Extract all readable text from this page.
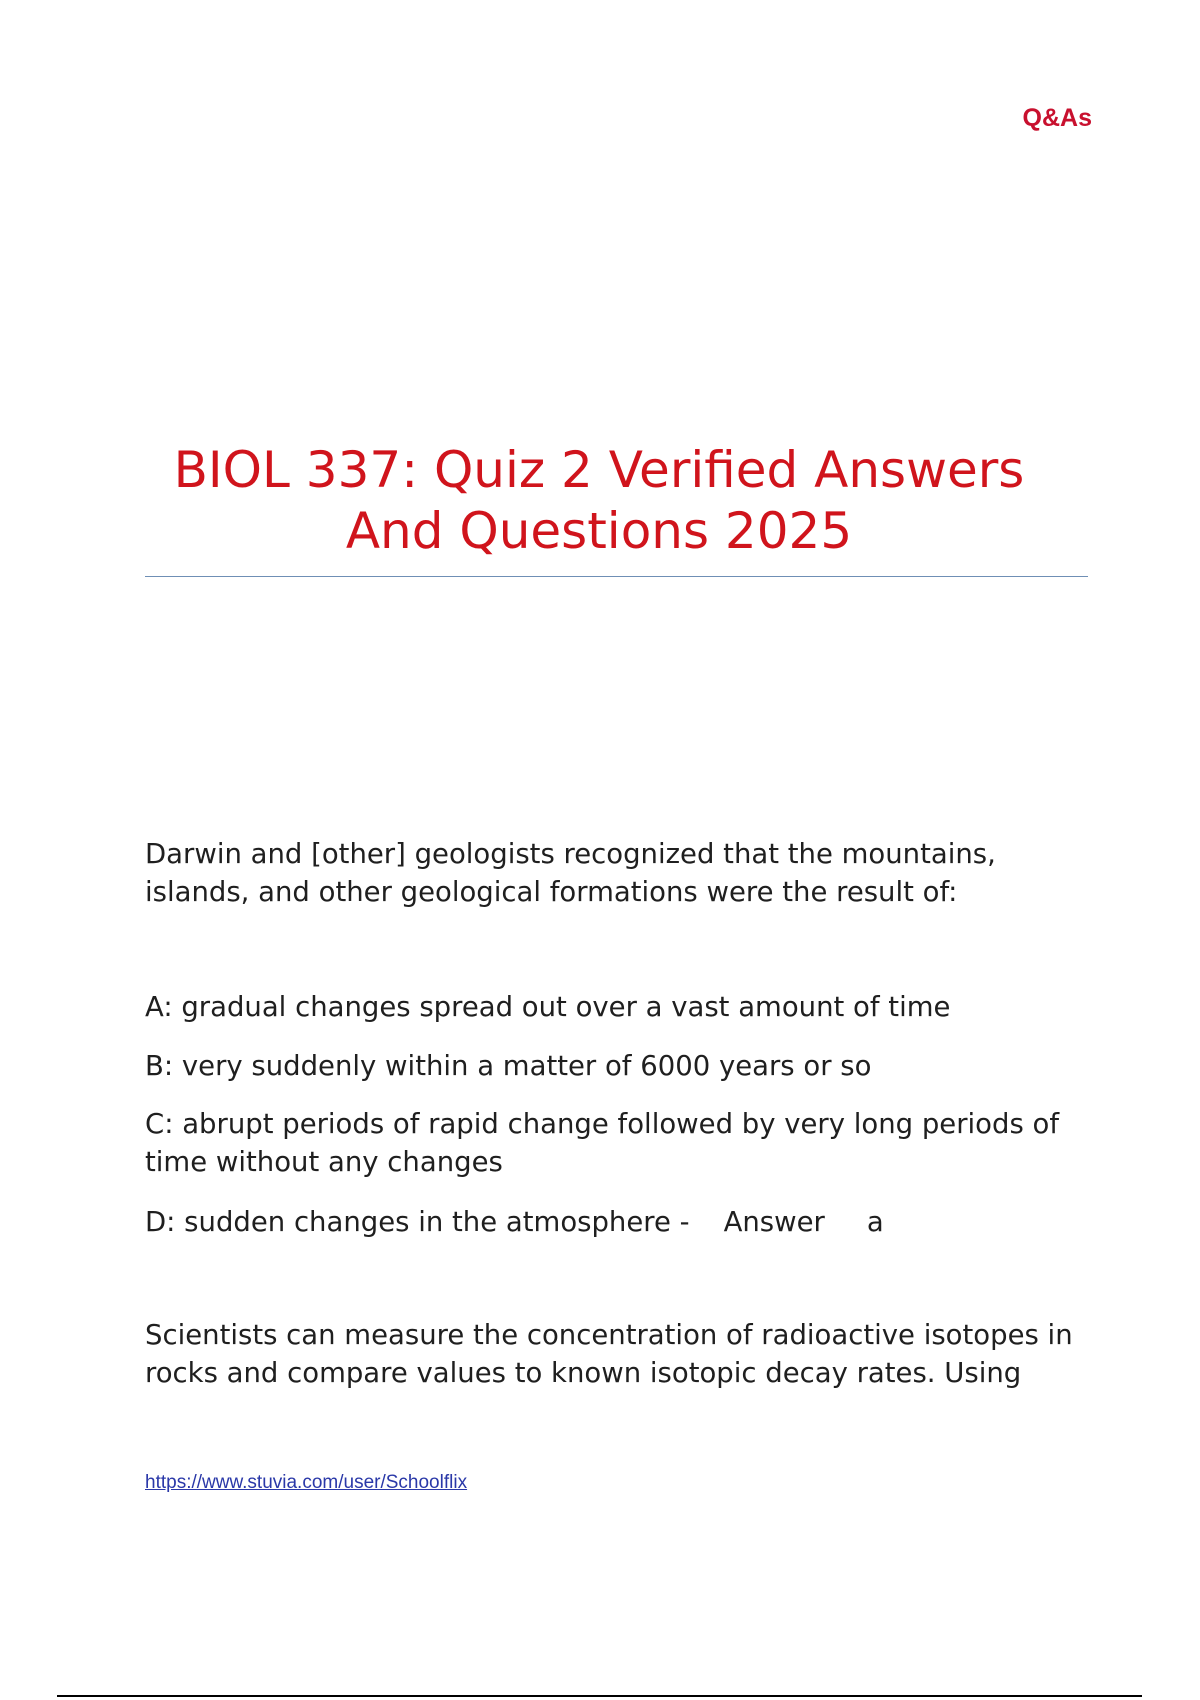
Q&As
BIOL 337: Quiz 2 Verified Answers And Questions 2025

Darwin and [other] geologists recognized that the mountains, islands, and other geological formations were the result of:

A: gradual changes spread out over a vast amount of time

B: very suddenly within a matter of 6000 years or so

C: abrupt periods of rapid change followed by very long periods of time without any changes

D: sudden changes in the atmosphere - Answer a

Scientists can measure the concentration of radioactive isotopes in rocks and compare values to known isotopic decay rates. Using

https://www.stuvia.com/user/Schoolflix
